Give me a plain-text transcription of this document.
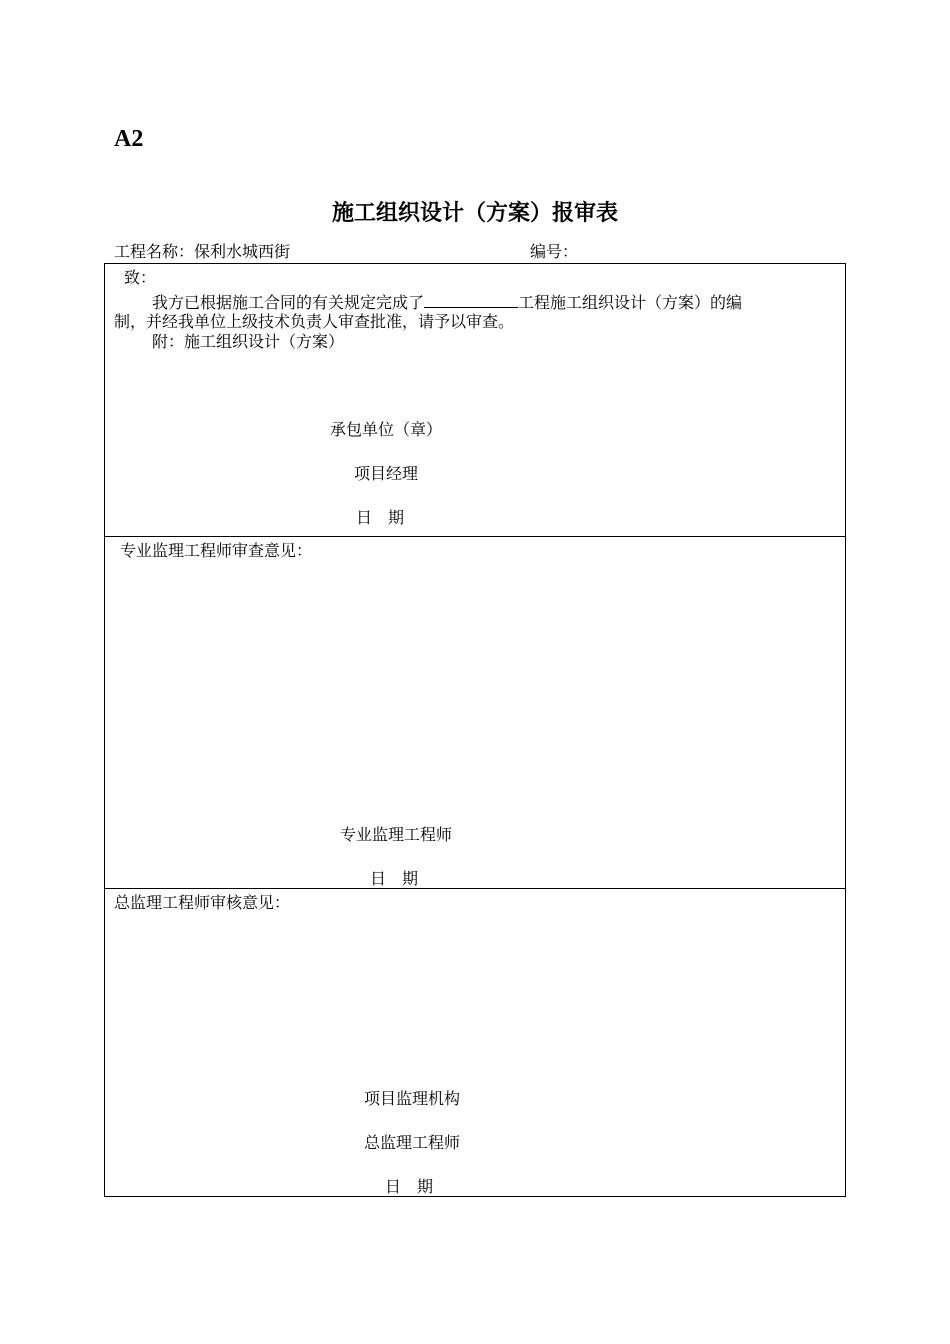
A2
施工组织设计（方案）报审表
工程名称：保利水城西街	编号：
致：
我方已根据施工合同的有关规定完成了	工程施工组织设计（方案）的编
制，并经我单位上级技术负责人审查批准，请予以审查。
附：施工组织设计（方案）
承包单位（章）
项目经理
日　期
专业监理工程师审查意见：
专业监理工程师
日　期
总监理工程师审核意见：
项目监理机构
总监理工程师
日　期
